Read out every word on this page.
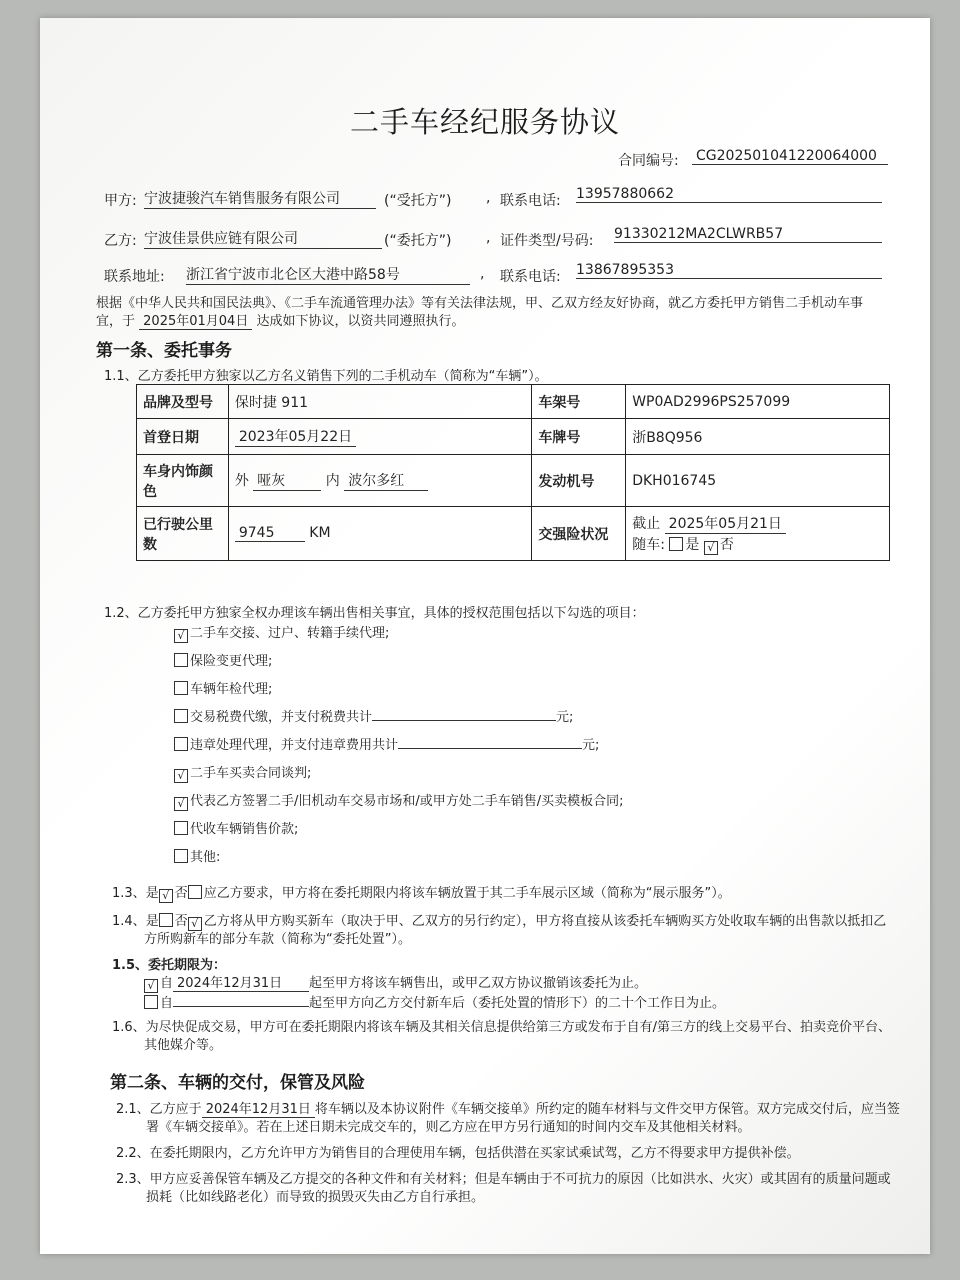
二手车经纪服务协议
合同编号: CG202501041220064000
甲方: 宁波捷骏汽车销售服务有限公司	(“受托方”) , 联系电话: 13957880662
乙方: 宁波佳景供应链有限公司	(“委托方”) , 证件类型/号码: 91330212MA2CLWRB57
联系地址: 浙江省宁波市北仑区大港中路58号	, 联系电话: 13867895353
根据《中华人民共和国民法典》、《二手车流通管理办法》等有关法律法规，甲、乙双方经友好协商，就乙方委托甲方销售二手机动车事
宜，于 2025年01月04日 达成如下协议，以资共同遵照执行。
第一条、委托事务
1.1、乙方委托甲方独家以乙方名义销售下列的二手机动车（简称为“车辆”）。
品牌及型号	保时捷 911	车架号	WP0AD2996PS257099
首登日期	2023年05月22日	车牌号	浙B8Q956
车身内饰颜色	外 哑灰 内 波尔多红	发动机号	DKH016745
已行驶公里数	9745 KM	交强险状况	截止 2025年05月21日
随车: 是 √ 否
1.2、乙方委托甲方独家全权办理该车辆出售相关事宜，具体的授权范围包括以下勾选的项目：
√ 二手车交接、过户、转籍手续代理;
保险变更代理;
车辆年检代理;
交易税费代缴，并支付税费共计	元;
违章处理代理，并支付违章费用共计	元;
√ 二手车买卖合同谈判;
√ 代表乙方签署二手/旧机动车交易市场和/或甲方处二手车销售/买卖模板合同;
代收车辆销售价款;
其他:
1.3、是 √ 否 应乙方要求，甲方将在委托期限内将该车辆放置于其二手车展示区域（简称为“展示服务”）。
1.4、是 否 √ 乙方将从甲方购买新车（取决于甲、乙双方的另行约定），甲方将直接从该委托车辆购买方处收取车辆的出售款以抵扣乙
方所购新车的部分车款（简称为“委托处置”）。
1.5、委托期限为：
√ 自 2024年12月31日 起至甲方将该车辆售出，或甲乙双方协议撤销该委托为止。
自	起至甲方向乙方交付新车后（委托处置的情形下）的二十个工作日为止。
1.6、为尽快促成交易，甲方可在委托期限内将该车辆及其相关信息提供给第三方或发布于自有/第三方的线上交易平台、拍卖竞价平台、
其他媒介等。
第二条、车辆的交付，保管及风险
2.1、乙方应于 2024年12月31日 将车辆以及本协议附件《车辆交接单》所约定的随车材料与文件交甲方保管。双方完成交付后，应当签
署《车辆交接单》。若在上述日期未完成交车的，则乙方应在甲方另行通知的时间内交车及其他相关材料。
2.2、在委托期限内，乙方允许甲方为销售目的合理使用车辆，包括供潜在买家试乘试驾，乙方不得要求甲方提供补偿。
2.3、甲方应妥善保管车辆及乙方提交的各种文件和有关材料；但是车辆由于不可抗力的原因（比如洪水、火灾）或其固有的质量问题或
损耗（比如线路老化）而导致的损毁灭失由乙方自行承担。
